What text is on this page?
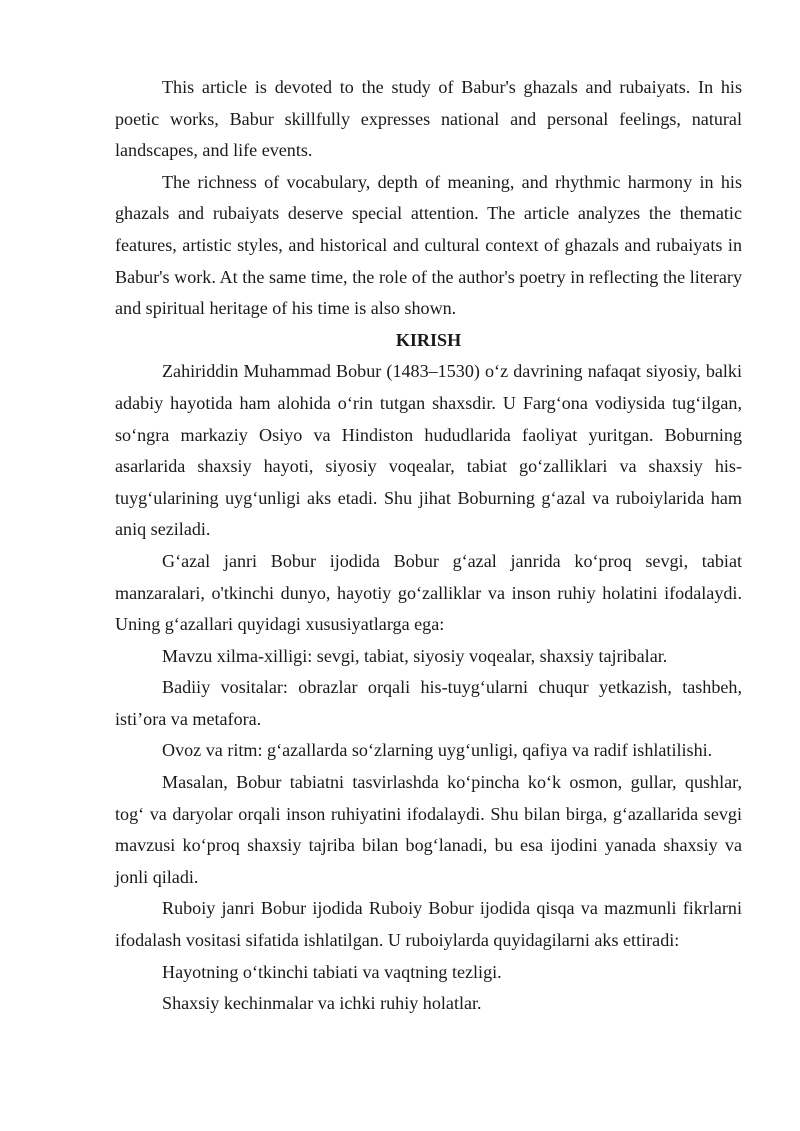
This article is devoted to the study of Babur's ghazals and rubaiyats. In his poetic works, Babur skillfully expresses national and personal feelings, natural landscapes, and life events.

The richness of vocabulary, depth of meaning, and rhythmic harmony in his ghazals and rubaiyats deserve special attention. The article analyzes the thematic features, artistic styles, and historical and cultural context of ghazals and rubaiyats in Babur's work. At the same time, the role of the author's poetry in reflecting the literary and spiritual heritage of his time is also shown.

KIRISH

Zahiriddin Muhammad Bobur (1483–1530) o‘z davrining nafaqat siyosiy, balki adabiy hayotida ham alohida o‘rin tutgan shaxsdir. U Farg‘ona vodiysida tug‘ilgan, so‘ngra markaziy Osiyo va Hindiston hududlarida faoliyat yuritgan. Boburning asarlarida shaxsiy hayoti, siyosiy voqealar, tabiat go‘zalliklari va shaxsiy his-tuyg‘ularining uyg‘unligi aks etadi. Shu jihat Boburning g‘azal va ruboiylarida ham aniq seziladi.

G‘azal janri Bobur ijodida Bobur g‘azal janrida ko‘proq sevgi, tabiat manzaralari, o'tkinchi dunyo, hayotiy go‘zalliklar va inson ruhiy holatini ifodalaydi. Uning g‘azallari quyidagi xususiyatlarga ega:

Mavzu xilma-xilligi: sevgi, tabiat, siyosiy voqealar, shaxsiy tajribalar.

Badiiy vositalar: obrazlar orqali his-tuyg‘ularni chuqur yetkazish, tashbeh, isti’ora va metafora.

Ovoz va ritm: g‘azallarda so‘zlarning uyg‘unligi, qafiya va radif ishlatilishi.

Masalan, Bobur tabiatni tasvirlashda ko‘pincha ko‘k osmon, gullar, qushlar, tog‘ va daryolar orqali inson ruhiyatini ifodalaydi. Shu bilan birga, g‘azallarida sevgi mavzusi ko‘proq shaxsiy tajriba bilan bog‘lanadi, bu esa ijodini yanada shaxsiy va jonli qiladi.

Ruboiy janri Bobur ijodida Ruboiy Bobur ijodida qisqa va mazmunli fikrlarni ifodalash vositasi sifatida ishlatilgan. U ruboiylarda quyidagilarni aks ettiradi:

Hayotning o‘tkinchi tabiati va vaqtning tezligi.

Shaxsiy kechinmalar va ichki ruhiy holatlar.
